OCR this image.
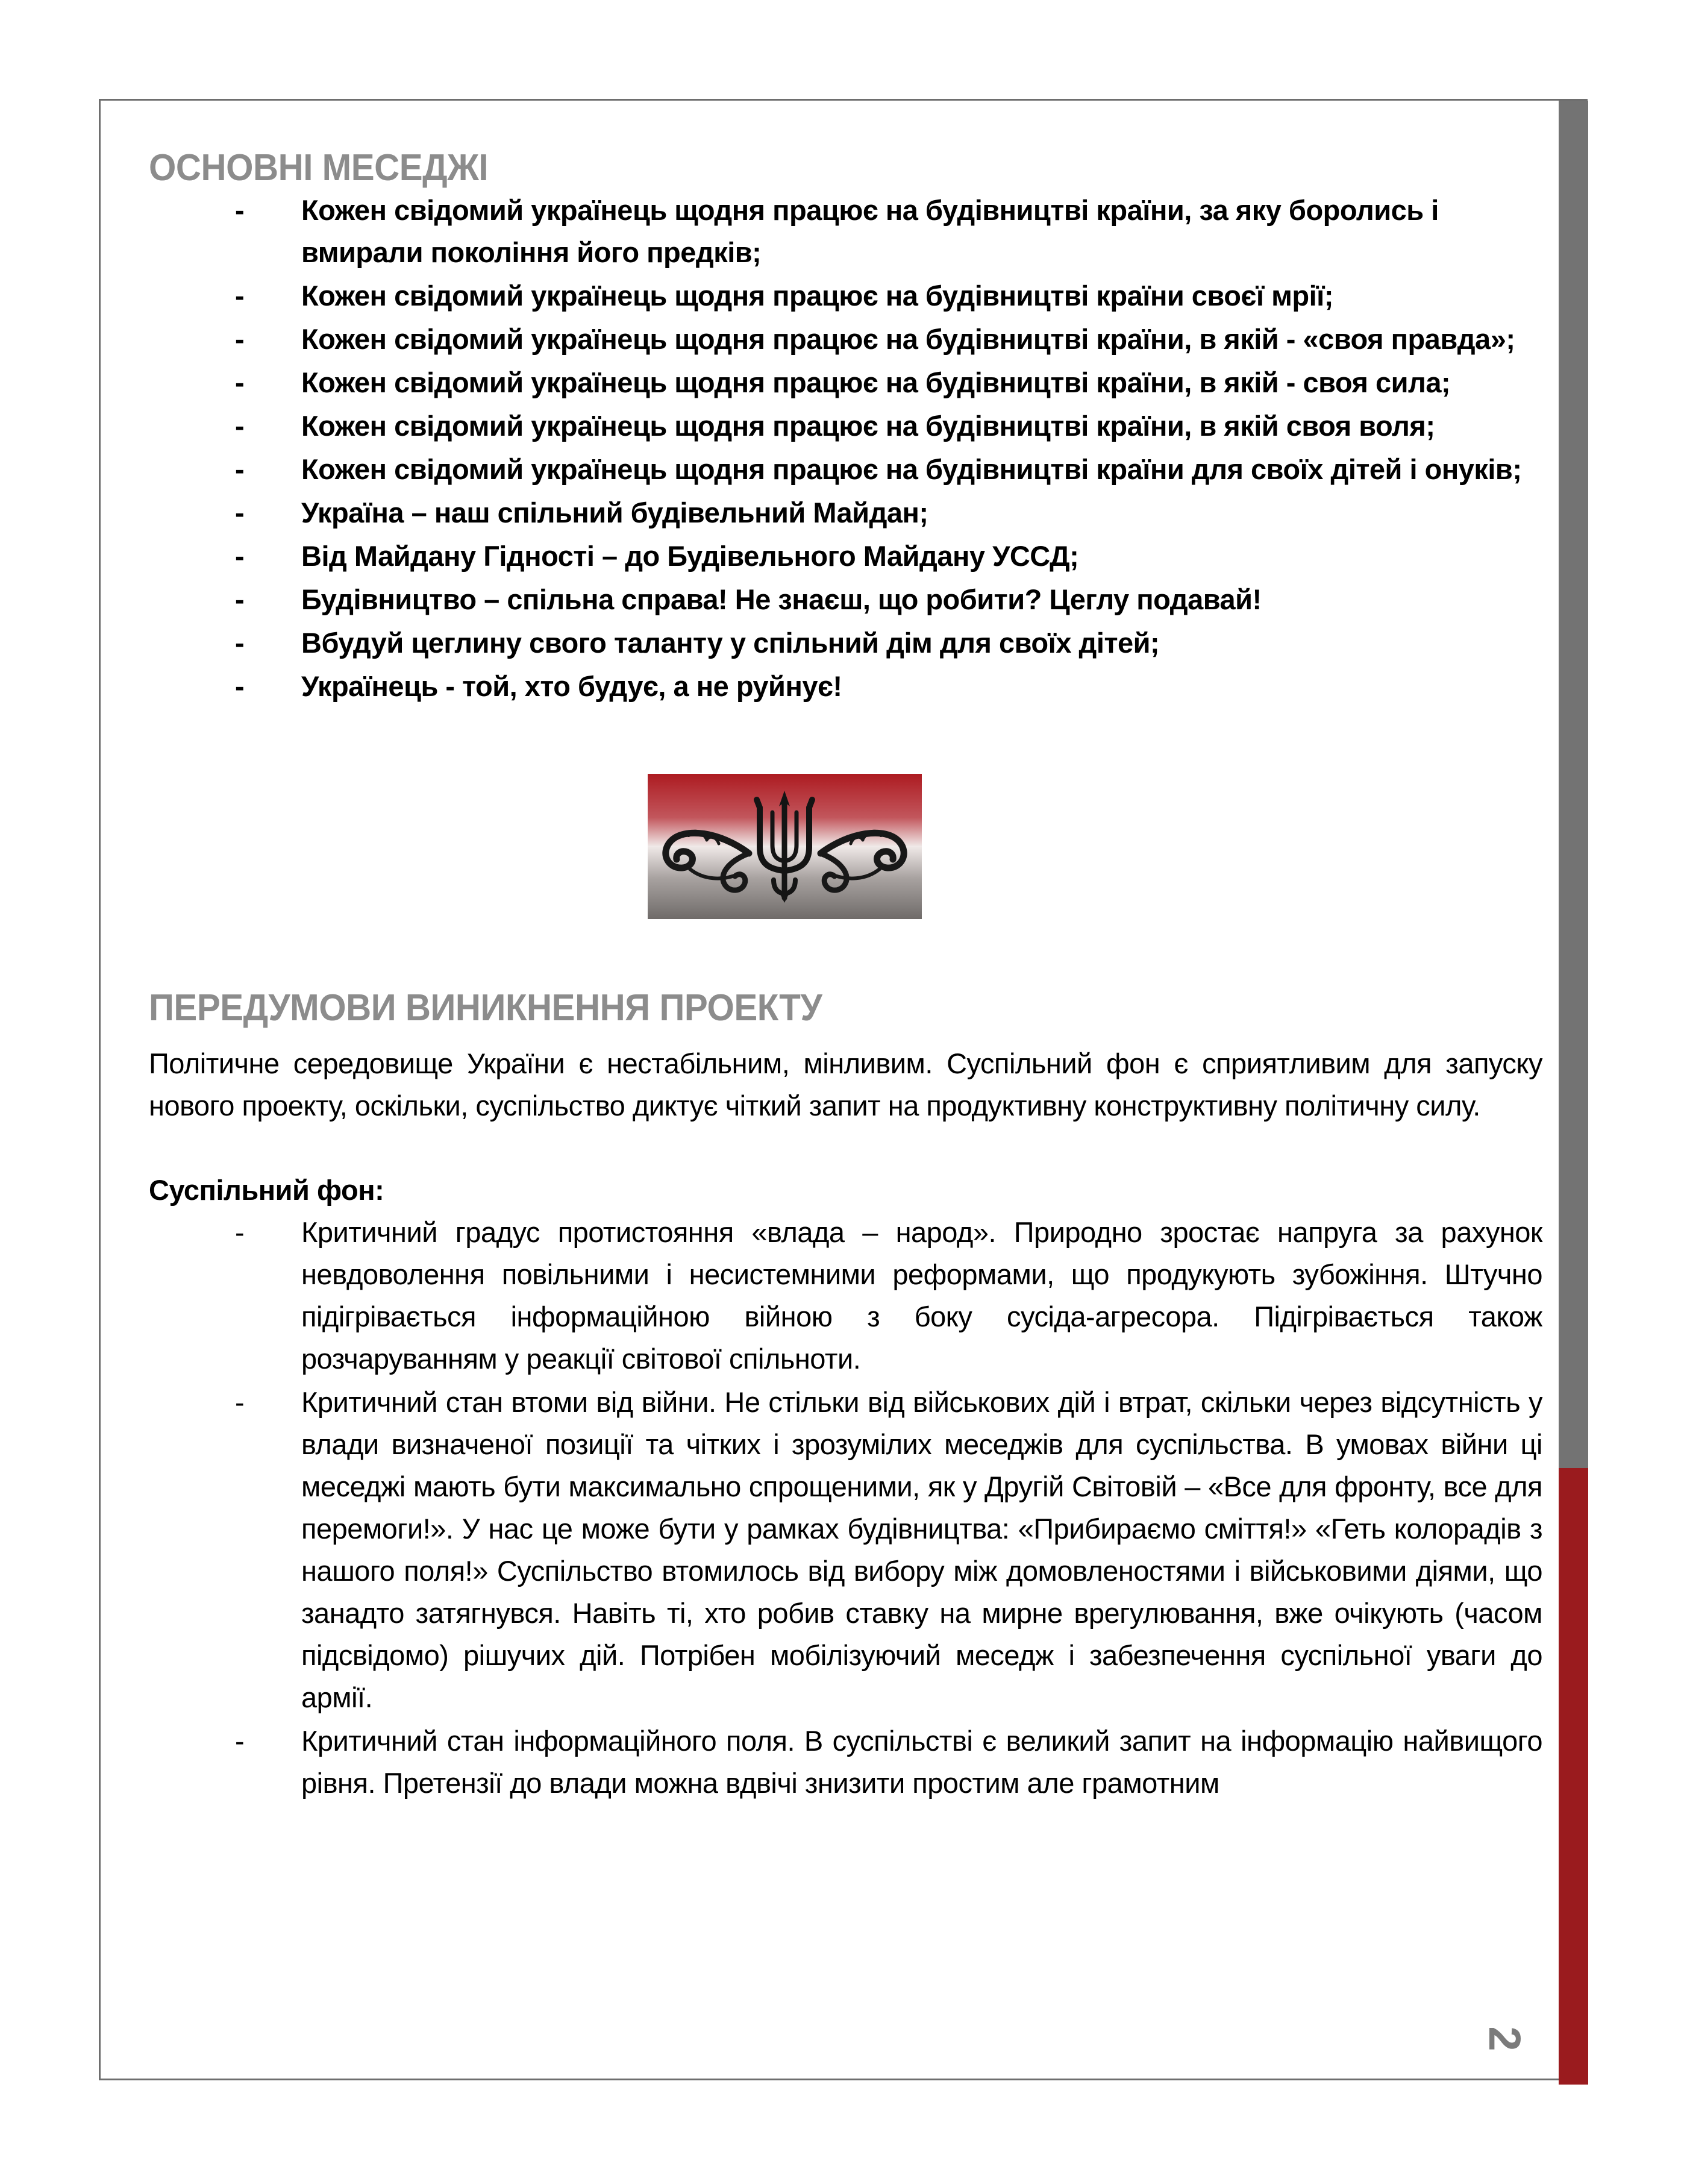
ОСНОВНІ МЕСЕДЖІ
- Кожен свідомий українець щодня працює на будівництві країни, за яку боролись і вмирали покоління його предків;
- Кожен свідомий українець щодня працює на будівництві країни своєї мрії;
- Кожен свідомий українець щодня працює на будівництві країни, в якій - «своя правда»;
- Кожен свідомий українець щодня працює на будівництві країни, в якій - своя сила;
- Кожен свідомий українець щодня працює на будівництві країни, в якій своя воля;
- Кожен свідомий українець щодня працює на будівництві країни для своїх дітей і онуків;
- Україна – наш спільний будівельний Майдан;
- Від Майдану Гідності – до Будівельного Майдану УССД;
- Будівництво – спільна справа! Не знаєш, що робити? Цеглу подавай!
- Вбудуй цеглину свого таланту у спільний дім для своїх дітей;
- Українець - той, хто будує, а не руйнує!
ПЕРЕДУМОВИ ВИНИКНЕННЯ ПРОЕКТУ

Політичне середовище України є нестабільним, мінливим. Суспільний фон є сприятливим для запуску нового проекту, оскільки, суспільство диктує чіткий запит на продуктивну конструктивну політичну силу.

Суспільний фон:

- Критичний градус протистояння «влада – народ». Природно зростає напруга за рахунок невдоволення повільними і несистемними реформами, що продукують зубожіння. Штучно підігрівається інформаційною війною з боку сусіда-агресора. Підігрівається також розчаруванням у реакції світової спільноти.
- Критичний стан втоми від війни. Не стільки від військових дій і втрат, скільки через відсутність у влади визначеної позиції та чітких і зрозумілих меседжів для суспільства. В умовах війни ці меседжі мають бути максимально спрощеними, як у Другій Світовій – «Все для фронту, все для перемоги!». У нас це може бути у рамках будівництва: «Прибираємо сміття!» «Геть колорадів з нашого поля!» Суспільство втомилось від вибору між домовленостями і військовими діями, що занадто затягнувся. Навіть ті, хто робив ставку на мирне врегулювання, вже очікують (часом підсвідомо) рішучих дій. Потрібен мобілізуючий меседж і забезпечення суспільної уваги до армії.
- Критичний стан інформаційного поля. В суспільстві є великий запит на інформацію найвищого рівня. Претензії до влади можна вдвічі знизити простим але грамотним
2
